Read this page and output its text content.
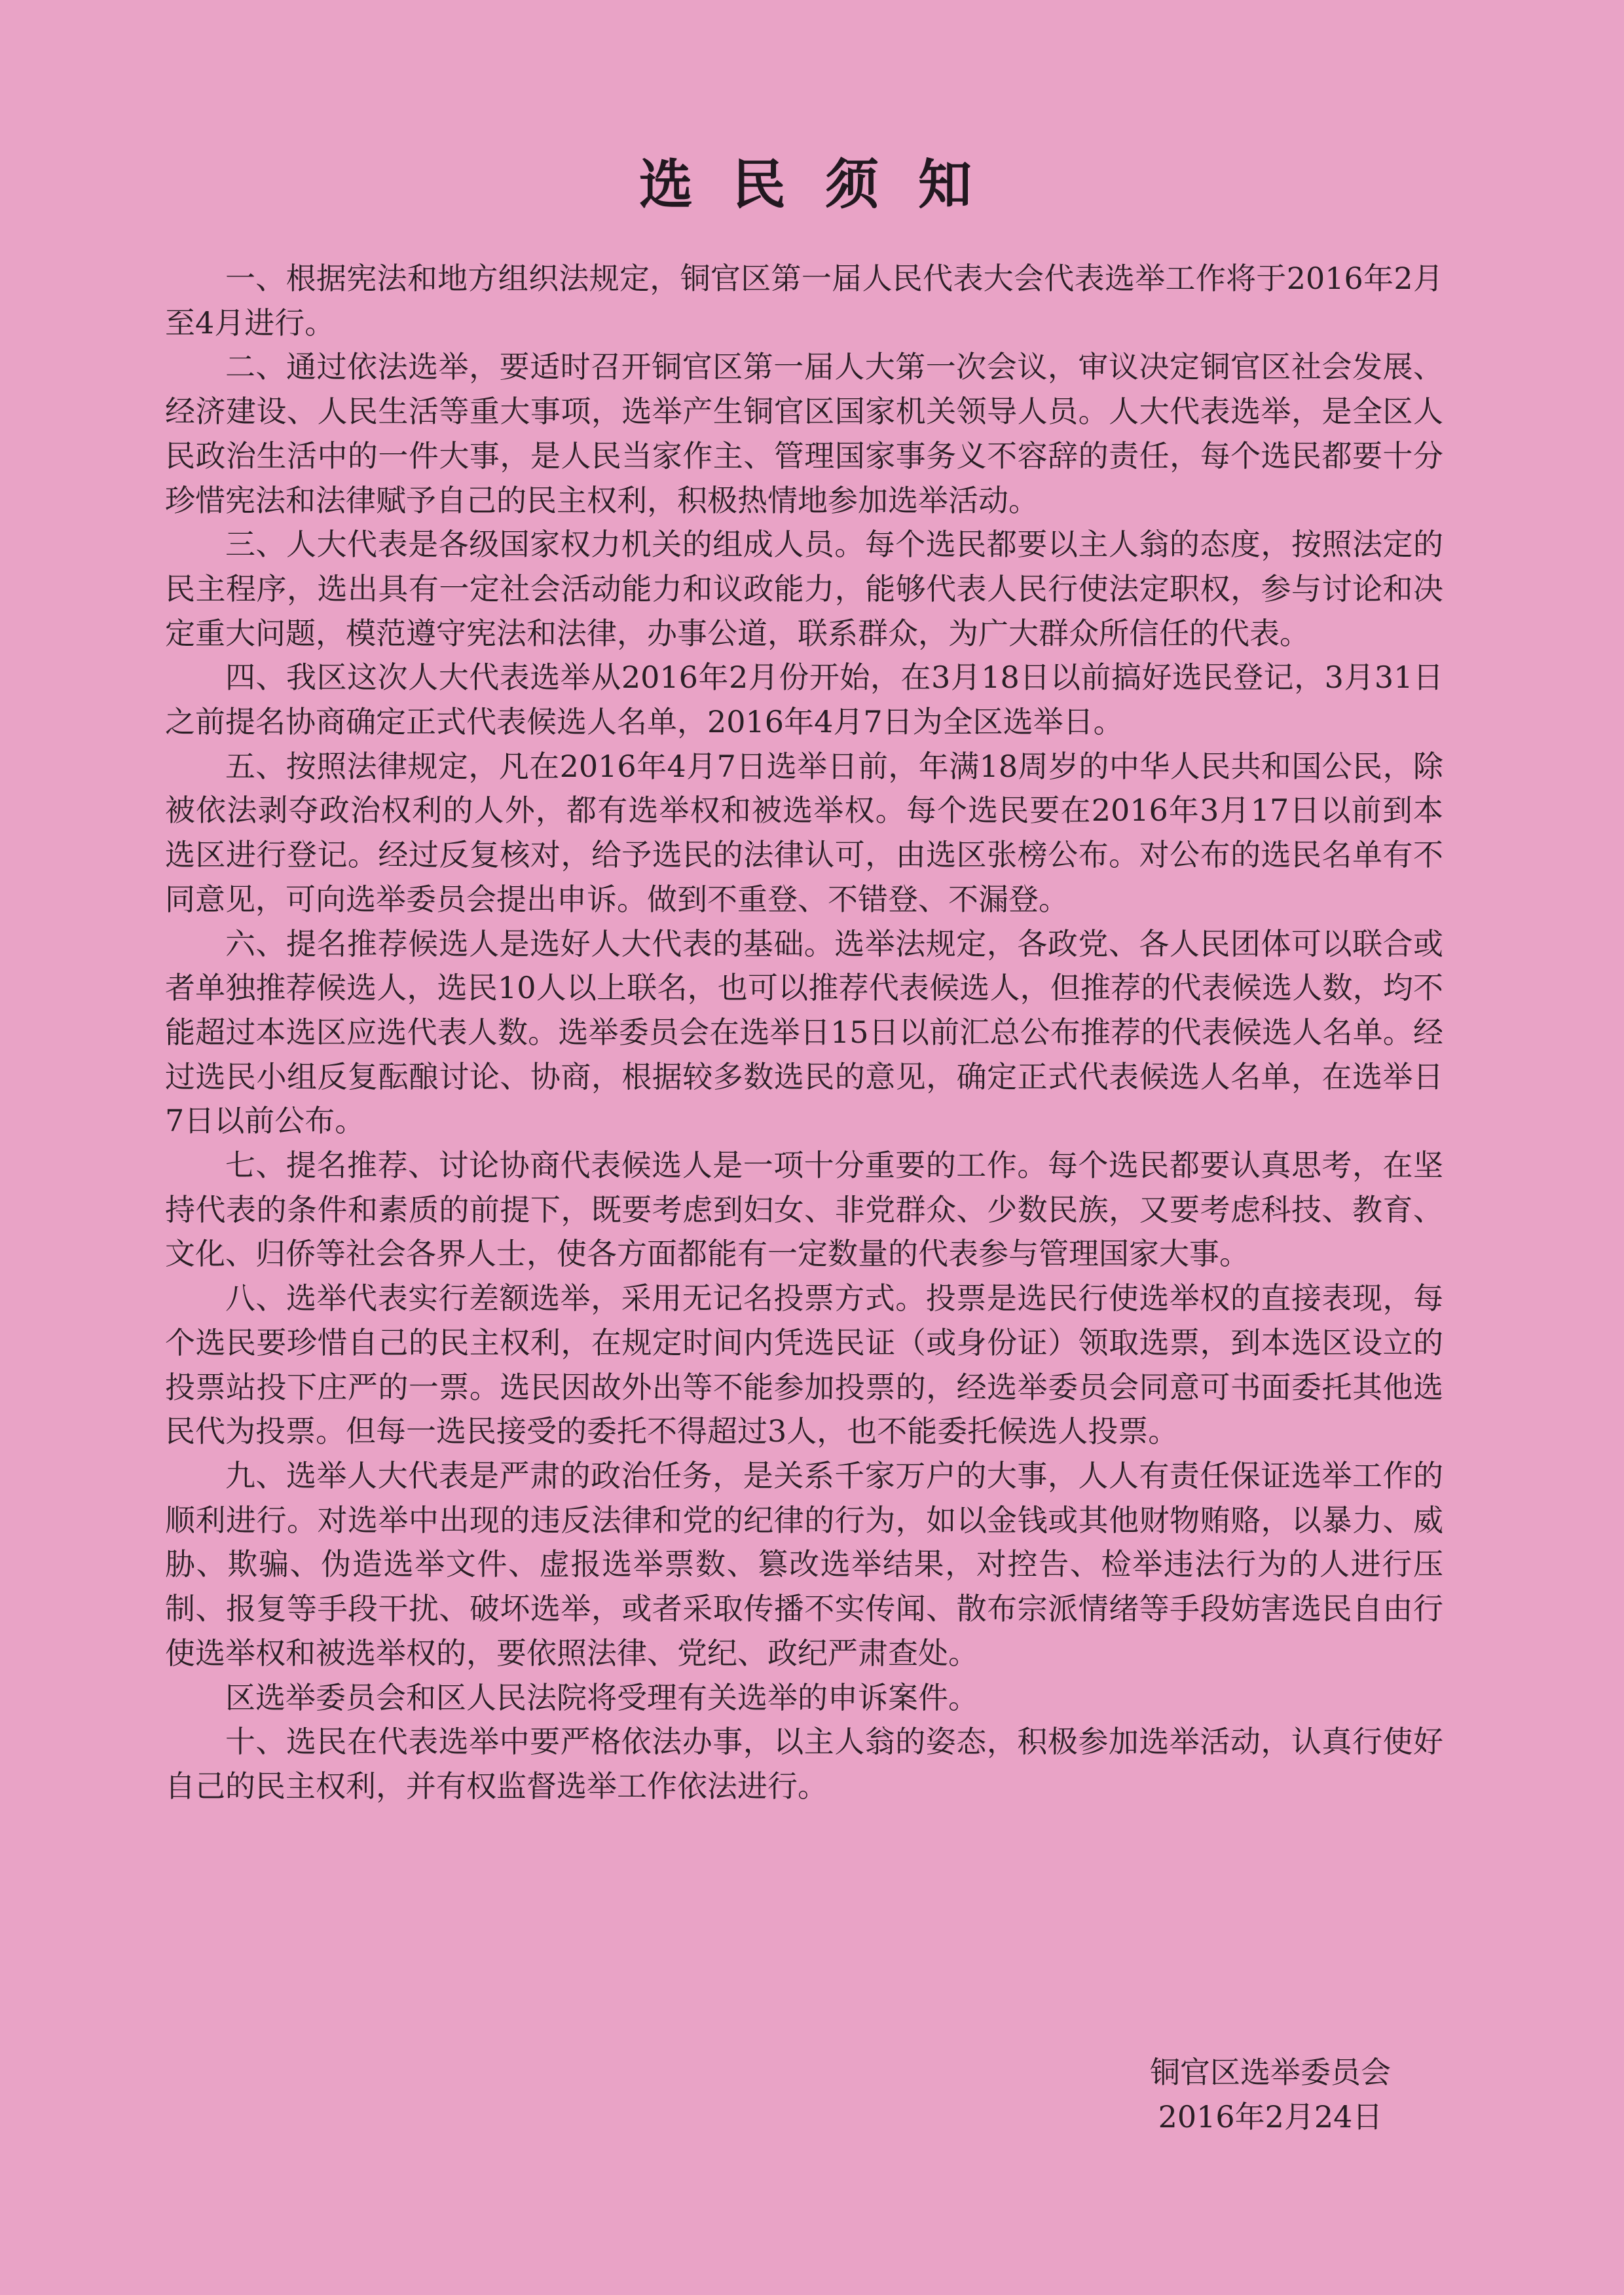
选民须知

一、根据宪法和地方组织法规定，铜官区第一届人民代表大会代表选举工作将于2016年2月至4月进行。

二、通过依法选举，要适时召开铜官区第一届人大第一次会议，审议决定铜官区社会发展、经济建设、人民生活等重大事项，选举产生铜官区国家机关领导人员。人大代表选举，是全区人民政治生活中的一件大事，是人民当家作主、管理国家事务义不容辞的责任，每个选民都要十分珍惜宪法和法律赋予自己的民主权利，积极热情地参加选举活动。

三、人大代表是各级国家权力机关的组成人员。每个选民都要以主人翁的态度，按照法定的民主程序，选出具有一定社会活动能力和议政能力，能够代表人民行使法定职权，参与讨论和决定重大问题，模范遵守宪法和法律，办事公道，联系群众，为广大群众所信任的代表。

四、我区这次人大代表选举从2016年2月份开始，在3月18日以前搞好选民登记，3月31日之前提名协商确定正式代表候选人名单，2016年4月7日为全区选举日。

五、按照法律规定，凡在2016年4月7日选举日前，年满18周岁的中华人民共和国公民，除被依法剥夺政治权利的人外，都有选举权和被选举权。每个选民要在2016年3月17日以前到本选区进行登记。经过反复核对，给予选民的法律认可，由选区张榜公布。对公布的选民名单有不同意见，可向选举委员会提出申诉。做到不重登、不错登、不漏登。

六、提名推荐候选人是选好人大代表的基础。选举法规定，各政党、各人民团体可以联合或者单独推荐候选人，选民10人以上联名，也可以推荐代表候选人，但推荐的代表候选人数，均不能超过本选区应选代表人数。选举委员会在选举日15日以前汇总公布推荐的代表候选人名单。经过选民小组反复酝酿讨论、协商，根据较多数选民的意见，确定正式代表候选人名单，在选举日7日以前公布。

七、提名推荐、讨论协商代表候选人是一项十分重要的工作。每个选民都要认真思考，在坚持代表的条件和素质的前提下，既要考虑到妇女、非党群众、少数民族，又要考虑科技、教育、文化、归侨等社会各界人士，使各方面都能有一定数量的代表参与管理国家大事。

八、选举代表实行差额选举，采用无记名投票方式。投票是选民行使选举权的直接表现，每个选民要珍惜自己的民主权利，在规定时间内凭选民证（或身份证）领取选票，到本选区设立的投票站投下庄严的一票。选民因故外出等不能参加投票的，经选举委员会同意可书面委托其他选民代为投票。但每一选民接受的委托不得超过3人，也不能委托候选人投票。

九、选举人大代表是严肃的政治任务，是关系千家万户的大事，人人有责任保证选举工作的顺利进行。对选举中出现的违反法律和党的纪律的行为，如以金钱或其他财物贿赂，以暴力、威胁、欺骗、伪造选举文件、虚报选举票数、篡改选举结果，对控告、检举违法行为的人进行压制、报复等手段干扰、破坏选举，或者采取传播不实传闻、散布宗派情绪等手段妨害选民自由行使选举权和被选举权的，要依照法律、党纪、政纪严肃查处。

区选举委员会和区人民法院将受理有关选举的申诉案件。

十、选民在代表选举中要严格依法办事，以主人翁的姿态，积极参加选举活动，认真行使好自己的民主权利，并有权监督选举工作依法进行。

铜官区选举委员会
2016年2月24日
